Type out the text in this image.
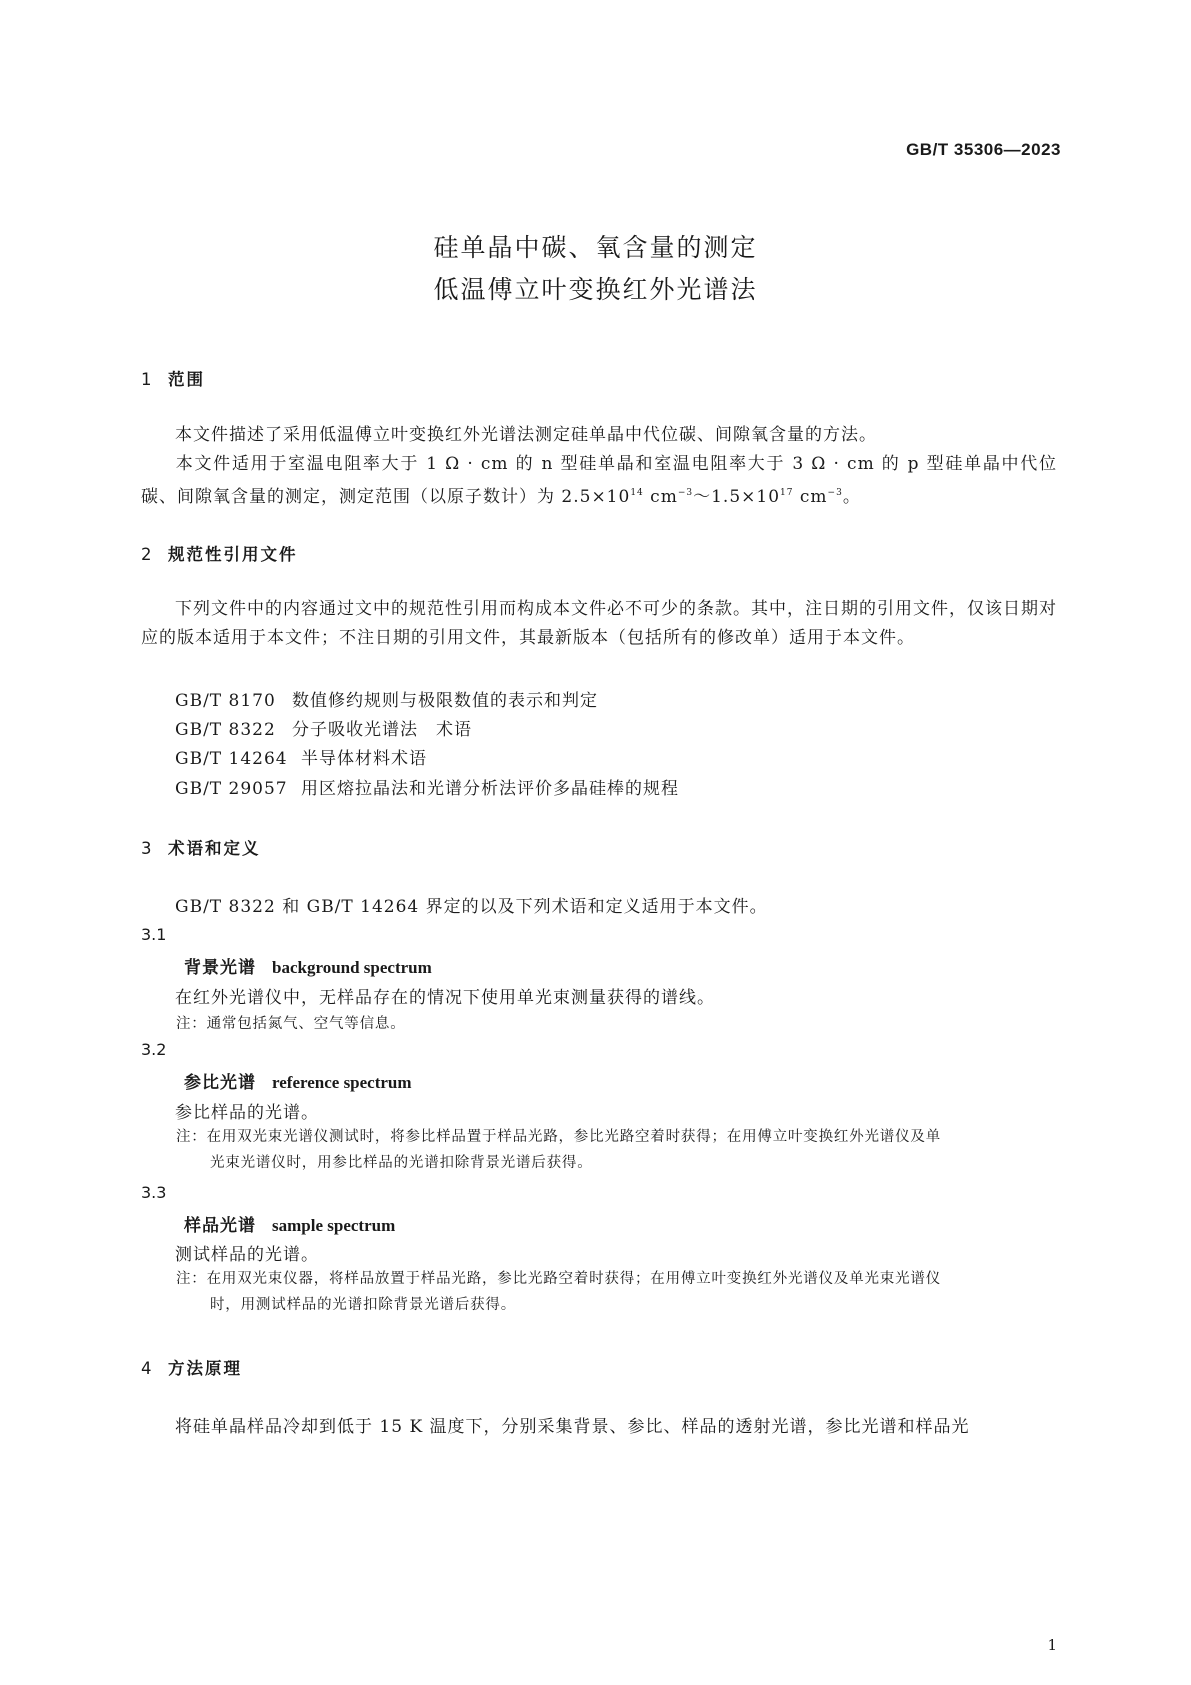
GB/T 35306—2023
硅单晶中碳、氧含量的测定
低温傅立叶变换红外光谱法
1 范围
本文件描述了采用低温傅立叶变换红外光谱法测定硅单晶中代位碳、间隙氧含量的方法。
本文件适用于室温电阻率大于 1 Ω · cm 的 n 型硅单晶和室温电阻率大于 3 Ω · cm 的 p 型硅单晶中代位碳、间隙氧含量的测定，测定范围（以原子数计）为 $2.5\times 10^{14}$ $cm^{-3}\sim 1.5\times 10^{17}$ $cm^{-3}$。
2 规范性引用文件
下列文件中的内容通过文中的规范性引用而构成本文件必不可少的条款。其中，注日期的引用文件，仅该日期对应的版本适用于本文件；不注日期的引用文件，其最新版本（包括所有的修改单）适用于本文件。
GB/T 8170 数值修约规则与极限数值的表示和判定
GB/T 8322 分子吸收光谱法　术语
GB/T 14264 半导体材料术语
GB/T 29057 用区熔拉晶法和光谱分析法评价多晶硅棒的规程
3 术语和定义
GB/T 8322 和 GB/T 14264 界定的以及下列术语和定义适用于本文件。
3.1
背景光谱 background spectrum
在红外光谱仪中，无样品存在的情况下使用单光束测量获得的谱线。
注：通常包括氮气、空气等信息。
3.2
参比光谱 reference spectrum
参比样品的光谱。
注：在用双光束光谱仪测试时，将参比样品置于样品光路，参比光路空着时获得；在用傅立叶变换红外光谱仪及单
光束光谱仪时，用参比样品的光谱扣除背景光谱后获得。
3.3
样品光谱 sample spectrum
测试样品的光谱。
注：在用双光束仪器，将样品放置于样品光路，参比光路空着时获得；在用傅立叶变换红外光谱仪及单光束光谱仪
时，用测试样品的光谱扣除背景光谱后获得。
4 方法原理
将硅单晶样品冷却到低于 15 K 温度下，分别采集背景、参比、样品的透射光谱，参比光谱和样品光
1
